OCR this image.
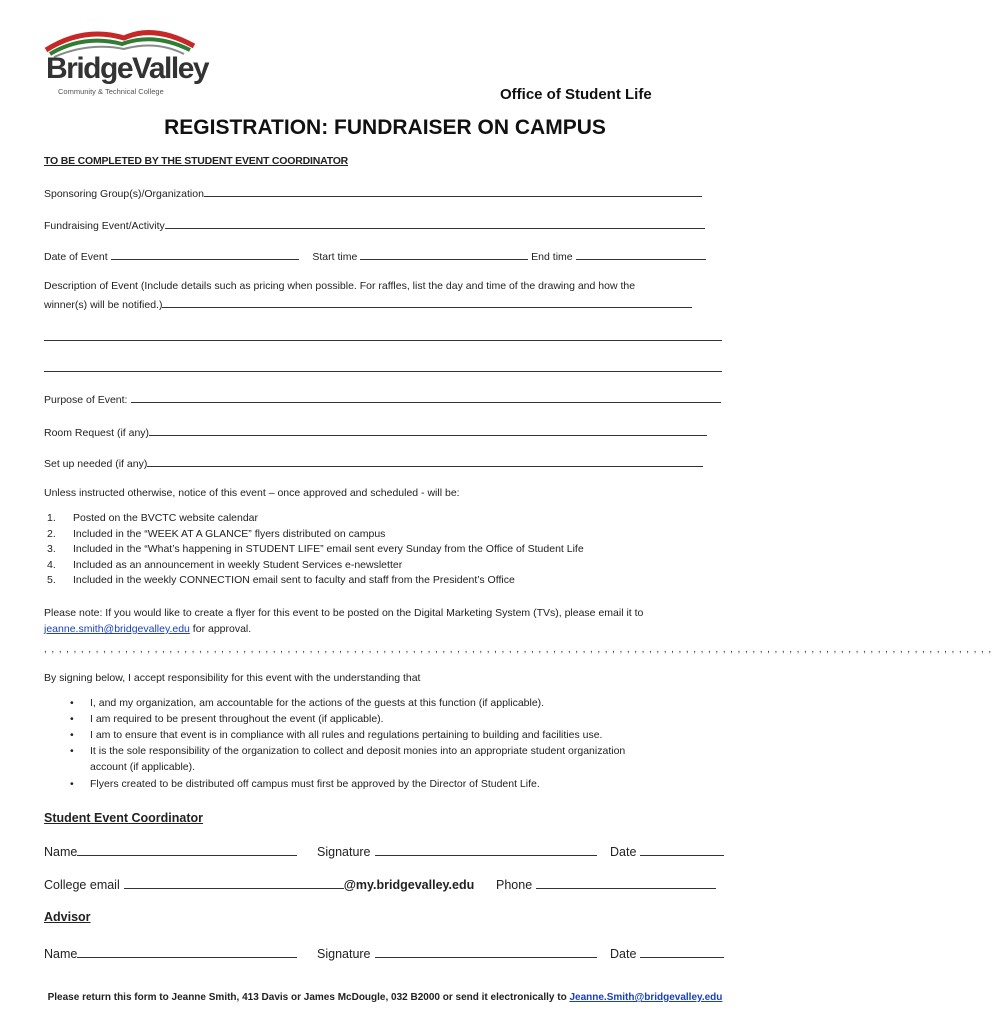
BridgeValley
Community & Technical College	Office of Student Life
REGISTRATION: FUNDRAISER ON CAMPUS
TO BE COMPLETED BY THE STUDENT EVENT COORDINATOR
Sponsoring Group(s)/Organization
Fundraising Event/Activity
Date of Event	Start time	End time
Description of Event (Include details such as pricing when possible. For raffles, list the day and time of the drawing and how the
winner(s) will be notified.)
Purpose of Event:
Room Request (if any)
Set up needed (if any)
Unless instructed otherwise, notice of this event – once approved and scheduled - will be:
1. Posted on the BVCTC website calendar
2. Included in the “WEEK AT A GLANCE” flyers distributed on campus
3. Included in the “What’s happening in STUDENT LIFE” email sent every Sunday from the Office of Student Life
4. Included as an announcement in weekly Student Services e-newsletter
5. Included in the weekly CONNECTION email sent to faculty and staff from the President’s Office
Please note: If you would like to create a flyer for this event to be posted on the Digital Marketing System (TVs), please email it to
jeanne.smith@bridgevalley.edu for approval.
,,,,,,,,,,,,,,,,,,,,,,,,,,,,,,,,,,,,,,,,,,,,,,,,,,,,,,,,,,,,,,,,,,,,,,,,,,,,,,,,,,,,,,,,,,,,,,,,,,,,,,,,,,,,,,,,,,,,,,,,,,,,,,,,,
By signing below, I accept responsibility for this event with the understanding that
• I, and my organization, am accountable for the actions of the guests at this function (if applicable).
• I am required to be present throughout the event (if applicable).
• I am to ensure that event is in compliance with all rules and regulations pertaining to building and facilities use.
• It is the sole responsibility of the organization to collect and deposit monies into an appropriate student organization
account (if applicable).
• Flyers created to be distributed off campus must first be approved by the Director of Student Life.
Student Event Coordinator
Name	Signature	Date
College email	@my.bridgevalley.edu Phone
Advisor
Name	Signature	Date
Please return this form to Jeanne Smith, 413 Davis or James McDougle, 032 B2000 or send it electronically to Jeanne.Smith@bridgevalley.edu
